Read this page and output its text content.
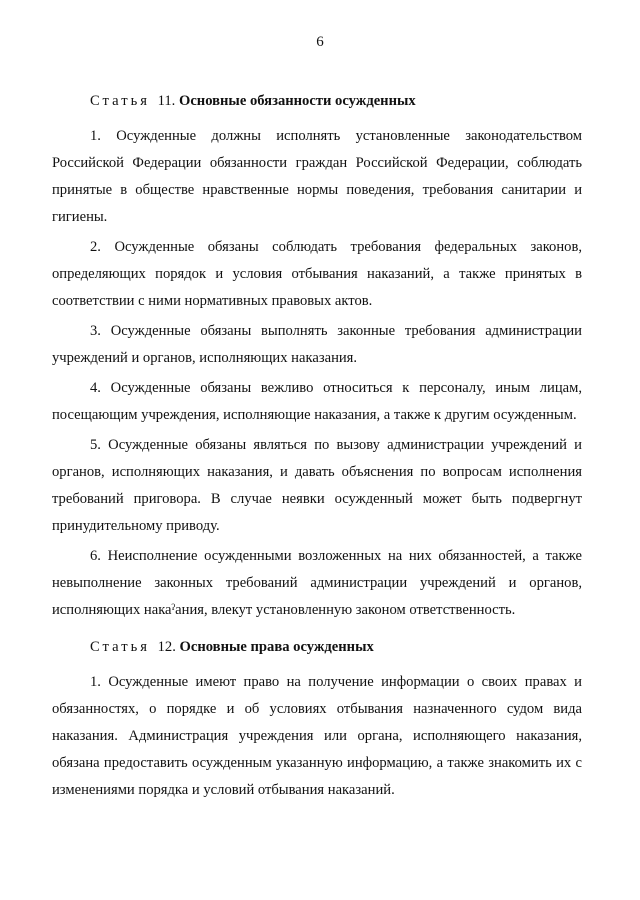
6

Статья 11. Основные обязанности осужденных

1. Осужденные должны исполнять установленные законодательством Российской Федерации обязанности граждан Российской Федерации, соблюдать принятые в обществе нравственные нормы поведения, требования санитарии и гигиены.

2. Осужденные обязаны соблюдать требования федеральных законов, определяющих порядок и условия отбывания наказаний, а также принятых в соответствии с ними нормативных правовых актов.

3. Осужденные обязаны выполнять законные требования администрации учреждений и органов, исполняющих наказания.

4. Осужденные обязаны вежливо относиться к персоналу, иным лицам, посещающим учреждения, исполняющие наказания, а также к другим осужденным.

5. Осужденные обязаны являться по вызову администрации учреждений и органов, исполняющих наказания, и давать объяснения по вопросам исполнения требований приговора. В случае неявки осужденный может быть подвергнут принудительному приводу.

6. Неисполнение осужденными возложенных на них обязанностей, а также невыполнение законных требований администрации учреждений и органов, исполняющих накаˀания, влекут установленную законом ответственность.

Статья 12. Основные права осужденных

1. Осужденные имеют право на получение информации о своих правах и обязанностях, о порядке и об условиях отбывания назначенного судом вида наказания. Администрация учреждения или органа, исполняющего наказания, обязана предоставить осужденным указанную информацию, а также знакомить их с изменениями порядка и условий отбывания наказаний.
